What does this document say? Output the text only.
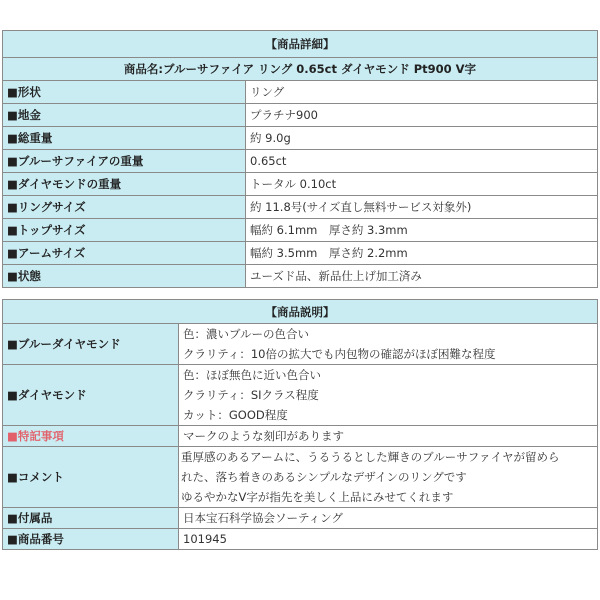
【商品詳細】	
商品名:ブルーサファイア リング 0.65ct ダイヤモンド Pt900 V字	
■形状	リング
■地金	プラチナ900
■総重量	約 9.0g
■ブルーサファイアの重量	0.65ct
■ダイヤモンドの重量	トータル 0.10ct
■リングサイズ	約 11.8号(サイズ直し無料サービス対象外)
■トップサイズ	幅約 6.1mm　厚さ約 3.3mm
■アームサイズ	幅約 3.5mm　厚さ約 2.2mm
■状態	ユーズド品、新品仕上げ加工済み
【商品説明】	
■ブルーダイヤモンド	色：濃いブルーの色合い
クラリティ：10倍の拡大でも内包物の確認がほぼ困難な程度

■ダイヤモンド	色：ほぼ無色に近い色合い
クラリティ：SIクラス程度
カット：GOOD程度

■特記事項	マークのような刻印があります

■コメント	重厚感のあるアームに、うるうるとした輝きのブルーサファイヤが留めら
れた、落ち着きのあるシンプルなデザインのリングです
ゆるやかなV字が指先を美しく上品にみせてくれます

■付属品	日本宝石科学協会ソーティング

■商品番号	101945
